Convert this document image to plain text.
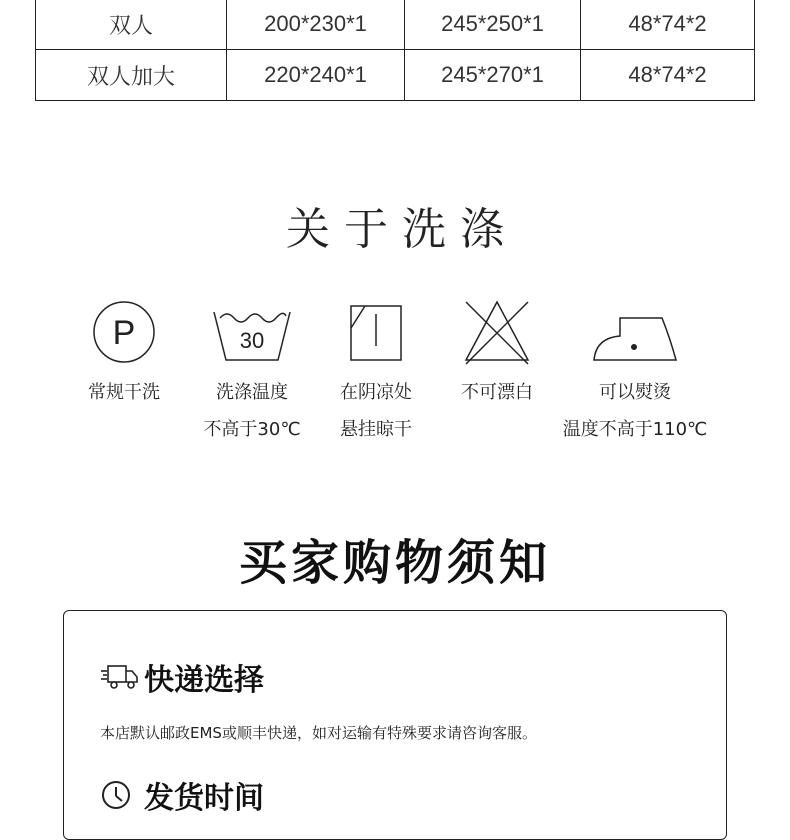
双人	200*230*1	245*250*1	48*74*2
双人加大	220*240*1	245*270*1	48*74*2
关于洗涤
P
常规干洗
30
洗涤温度
不高于30℃
在阴凉处
悬挂晾干
不可漂白	可以熨烫
温度不高于110℃
买家购物须知
快递选择
本店默认邮政EMS或顺丰快递，如对运输有特殊要求请咨询客服。
发货时间
